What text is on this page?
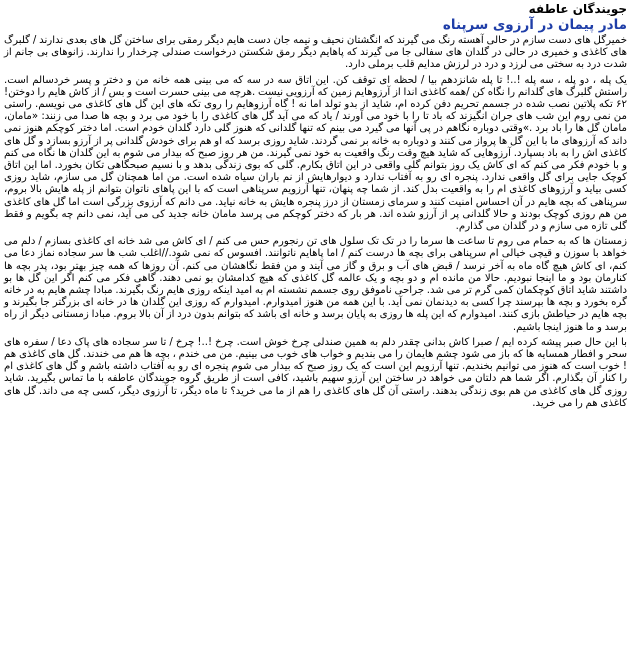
جویندگان عاطفه
مادر پیمان در آرزوی سرپناه

خمیرگل های دست سازم در حالی آهسته رنگ می گیرند که انگشتان نحیف و نیمه جان دست هایم دیگر رمقی برای ساختن گل های بعدی ندارند / گلبرگ های کاغذی و خمیری در حالی در گلدان های سفالی جا می گیرند که پاهایم دیگر رمق شکستن درخواست صندلی چرخدار را ندارند. زانوهای بی جانم از شدت درد به سختی می لرزد و درد در لرزش مدایم قلب برملی دارد.

یک پله ، دو پله ، سه پله !..! تا پله شانزدهم بیا / لحظه ای توقف کن. این اتاق سه در سه که می بینی همه خانه من و دختر و پسر خردسالم است. راستش گلبرگ های گلدانم را نگاه کن /همه کاغذی اندا از آرزوهایم زمین که آرزویی نیست .هرچه می بینی حسرت است و بس / از کاش هایم را دوختن! ۶۲ تکه پلاتین نصب شده در جسمم تحریم دفن کرده ام، شاید از بدو تولد اما نه ! گاه آرزوهایم را روی تکه های این گل های کاغذی می نویسم. راستی من نمی روم این شب های جران انگیزند که باد تا را با خود می آورند / یاد که می آید گل های کاغذی را با خود می برد و بچه ها صدا می زنند: «مامان، مامان گل ها را باد برد .»وقتی دوباره نگاهم در پی آنها می گیرد می بینم که تنها گلدانی که هنوز گلی دارد گلدان خودم است. اما دختر کوچکم هنوز نمی داند که آرزوهای ما با این گل ها پرواز می کنند و دوباره به خانه بر نمی گردند. شاید روزی برسد که او هم برای خودش گلدانی پر از آرزو بسازد و گل های کاغذی اش را به باد بسپارد. آرزوهایی که شاید هیچ وقت رنگ واقعیت به خود نمی گیرند. من هر روز صبح که بیدار می شوم به این گلدان ها نگاه می کنم و با خودم فکر می کنم که ای کاش یک روز بتوانم گلی واقعی در این اتاق بکارم. گلی که بوی زندگی بدهد و با نسیم صبحگاهی تکان بخورد. اما این اتاق کوچک جایی برای گل واقعی ندارد. پنجره ای رو به آفتاب ندارد و دیوارهایش از نم باران سیاه شده است. من اما همچنان گل می سازم، شاید روزی کسی بیاید و آرزوهای کاغذی ام را به واقعیت بدل کند. از شما چه پنهان، تنها آرزویم سرپناهی است که با این پاهای ناتوان بتوانم از پله هایش بالا بروم، سرپناهی که بچه هایم در آن احساس امنیت کنند و سرمای زمستان از درز پنجره هایش به خانه نیاید. می دانم که آرزوی بزرگی است اما گل های کاغذی من هم روزی کوچک بودند و حالا گلدانی پر از آرزو شده اند. هر بار که دختر کوچکم می پرسد مامان خانه جدید کی می آید، نمی دانم چه بگویم و فقط گلی تازه می سازم و در گلدان می گذارم.

زمستان ها که به حمام می روم تا ساعت ها سرما را در تک تک سلول های تن رنجورم حس می کنم / ای کاش می شد خانه ای کاغذی بسازم / دلم می خواهد با سوزن و قیچی خیالی ام سرپناهی برای بچه ها درست کنم / اما پاهایم ناتوانند. افسوس که نمی شود.//اغلب شب ها سر سجاده نماز دعا می کنم، ای کاش هیچ گاه ماه به آخر نرسد / قبض های آب و برق و گاز می آیند و من فقط نگاهشان می کنم. آن روزها که همه چیز بهتر بود، پدر بچه ها کنارمان بود و ما اینجا نبودیم. حالا من مانده ام و دو بچه و یک عالمه گل کاغذی که هیچ کدامشان بو نمی دهند. گاهی فکر می کنم اگر این گل ها بو داشتند شاید اتاق کوچکمان کمی گرم تر می شد. جراحی ناموفق روی جسمم نشسته ام به امید اینکه روزی هایم رنگ بگیرند. مبادا چشم هایم به در خانه گره بخورد و بچه ها بپرسند چرا کسی به دیدنمان نمی آید. با این همه من هنوز امیدوارم. امیدوارم که روزی این گلدان ها در خانه ای بزرگتر جا بگیرند و بچه هایم در حیاطش بازی کنند. امیدوارم که این پله ها روزی به پایان برسد و خانه ای باشد که بتوانم بدون درد از آن بالا بروم. مبادا زمستانی دیگر از راه برسد و ما هنوز اینجا باشیم.

با این حال صبر پیشه کرده ایم / صبرا کاش بدانی چقدر دلم به همین صندلی چرخ خوش است. چرخ !..! چرخ / تا سر سجاده های پاک دعا / سفره های سحر و افطار همسایه ها که باز می شود چشم هایمان را می بندیم و خواب های خوب می بینیم. من می خندم ، بچه ها هم می خندند. گل های کاغذی هم ! خوب است که هنوز می توانیم بخندیم. تنها آرزویم این است که یک روز صبح که بیدار می شوم پنجره ای رو به آفتاب داشته باشم و گل های کاغذی ام را کنار آن بگذارم. اگر شما هم دلتان می خواهد در ساختن این آرزو سهیم باشید، کافی است از طریق گروه جویندگان عاطفه با ما تماس بگیرید. شاید روزی گل های کاغذی من هم بوی زندگی بدهند. راستی آن گل های کاغذی را هم از ما می خرید؟ تا ماه دیگر، تا آرزوی دیگر، کسی چه می داند. گل های کاغذی هم را می خرید.
